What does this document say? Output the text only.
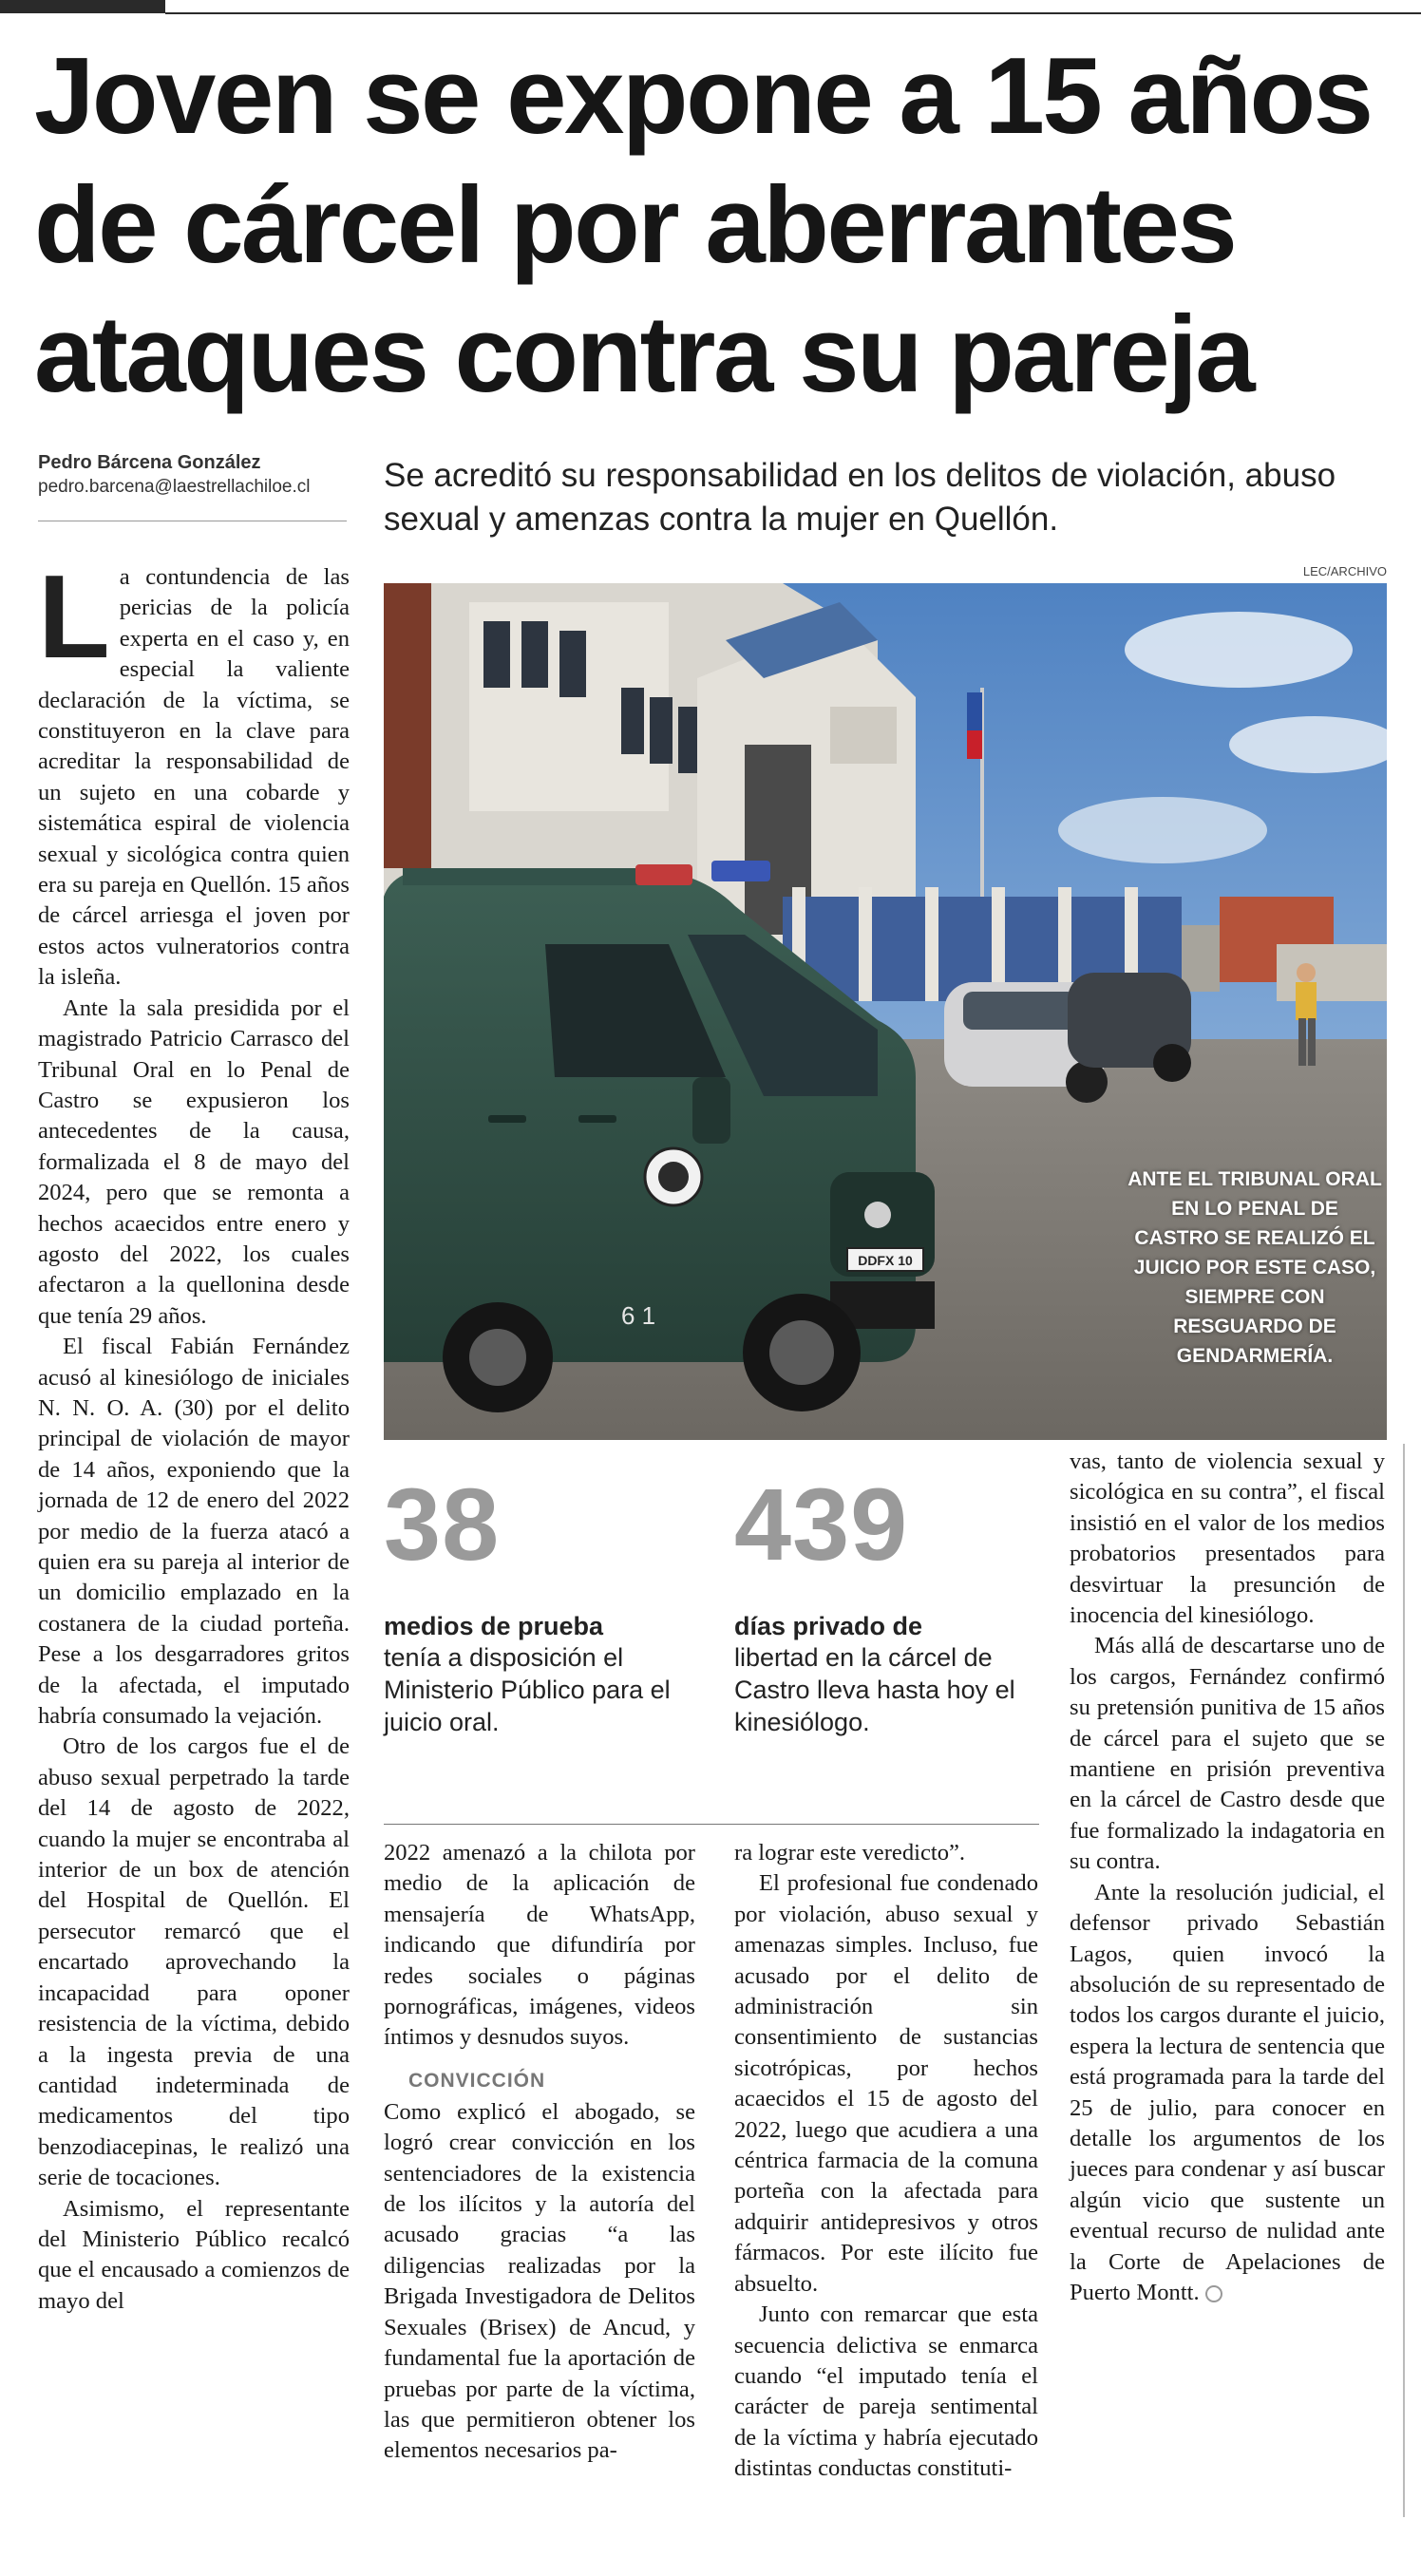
Joven se expone a 15 años de cárcel por aberrantes ataques contra su pareja
Pedro Bárcena González
pedro.barcena@laestrellachiloe.cl	Se acreditó su responsabilidad en los delitos de violación, abuso sexual y amenzas contra la mujer en Quellón.
LEC/ARCHIVO
DDFX 10
6 1
ANTE EL TRIBUNAL ORAL EN LO PENAL DE CASTRO SE REALIZÓ EL JUICIO POR ESTE CASO, SIEMPRE CON RESGUARDO DE GENDARMERÍA.

La contundencia de las pericias de la policía experta en el caso y, en especial la valiente declaración de la víctima, se constituyeron en la clave para acreditar la responsabilidad de un sujeto en una cobarde y sistemática espiral de violencia sexual y sicológica contra quien era su pareja en Quellón. 15 años de cárcel arriesga el joven por estos actos vulneratorios contra la isleña.

Ante la sala presidida por el magistrado Patricio Carrasco del Tribunal Oral en lo Penal de Castro se expusieron los antecedentes de la causa, formalizada el 8 de mayo del 2024, pero que se remonta a hechos acaecidos entre enero y agosto del 2022, los cuales afectaron a la quellonina desde que tenía 29 años.

El fiscal Fabián Fernández acusó al kinesiólogo de iniciales N. N. O. A. (30) por el delito principal de violación de mayor de 14 años, exponiendo que la jornada de 12 de enero del 2022 por medio de la fuerza atacó a quien era su pareja al interior de un domicilio emplazado en la costanera de la ciudad porteña. Pese a los desgarradores gritos de la afectada, el imputado habría consumado la vejación.

Otro de los cargos fue el de abuso sexual perpetrado la tarde del 14 de agosto de 2022, cuando la mujer se encontraba al interior de un box de atención del Hospital de Quellón. El persecutor remarcó que el encartado aprovechando la incapacidad para oponer resistencia de la víctima, debido a la ingesta previa de una cantidad indeterminada de medicamentos del tipo benzodiacepinas, le realizó una serie de tocaciones.

Asimismo, el representante del Ministerio Público recalcó que el encausado a comienzos de mayo del

38
medios de prueba
tenía a disposición el Ministerio Público para el juicio oral.
439
días privado de
libertad en la cárcel de Castro lleva hasta hoy el kinesiólogo.

2022 amenazó a la chilota por medio de la aplicación de mensajería de WhatsApp, indicando que difundiría por redes sociales o páginas pornográficas, imágenes, videos íntimos y desnudos suyos.

CONVICCIÓN

Como explicó el abogado, se logró crear convicción en los sentenciadores de la existencia de los ilícitos y la autoría del acusado gracias “a las diligencias realizadas por la Brigada Investigadora de Delitos Sexuales (Brisex) de Ancud, y fundamental fue la aportación de pruebas por parte de la víctima, las que permitieron obtener los elementos necesarios pa-

ra lograr este veredicto”.

El profesional fue condenado por violación, abuso sexual y amenazas simples. Incluso, fue acusado por el delito de administración sin consentimiento de sustancias sicotrópicas, por hechos acaecidos el 15 de agosto del 2022, luego que acudiera a una céntrica farmacia de la comuna porteña con la afectada para adquirir antidepresivos y otros fármacos. Por este ilícito fue absuelto.

Junto con remarcar que esta secuencia delictiva se enmarca cuando “el imputado tenía el carácter de pareja sentimental de la víctima y habría ejecutado distintas conductas constituti-

vas, tanto de violencia sexual y sicológica en su contra”, el fiscal insistió en el valor de los medios probatorios presentados para desvirtuar la presunción de inocencia del kinesiólogo.

Más allá de descartarse uno de los cargos, Fernández confirmó su pretensión punitiva de 15 años de cárcel para el sujeto que se mantiene en prisión preventiva en la cárcel de Castro desde que fue formalizado la indagatoria en su contra.

Ante la resolución judicial, el defensor privado Sebastián Lagos, quien invocó la absolución de su representado de todos los cargos durante el juicio, espera la lectura de sentencia que está programada para la tarde del 25 de julio, para conocer en detalle los argumentos de los jueces para condenar y así buscar algún vicio que sustente un eventual recurso de nulidad ante la Corte de Apelaciones de Puerto Montt.
